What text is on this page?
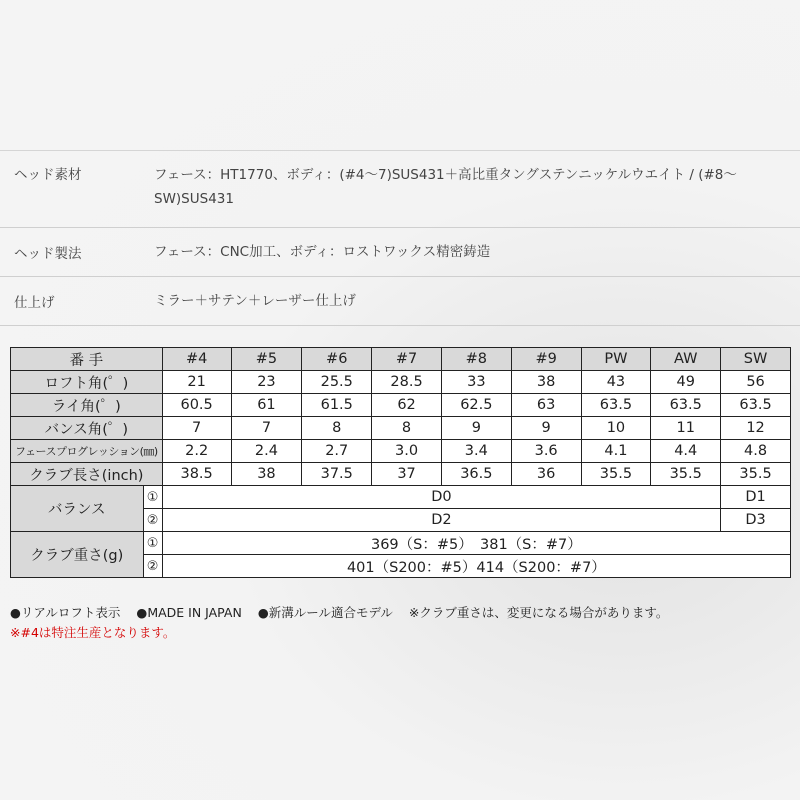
ヘッド素材	フェース：HT1770、ボディ：(#4～7)SUS431＋高比重タングステンニッケルウエイト / (#8～SW)SUS431
ヘッド製法	フェース：CNC加工、ボディ：ロストワックス精密鋳造
仕上げ	ミラー＋サテン＋レーザー仕上げ
番 手		#4	#5	#6	#7	#8	#9	PW	AW	SW
ロフト角(゜)		21	23	25.5	28.5	33	38	43	49	56
ライ角(゜)		60.5	61	61.5	62	62.5	63	63.5	63.5	63.5
バンス角(゜)		7	7	8	8	9	9	10	11	12
フェースプログレッション(㎜)		2.2	2.4	2.7	3.0	3.4	3.6	4.1	4.4	4.8
クラブ長さ(inch)		38.5	38	37.5	37	36.5	36	35.5	35.5	35.5
バランス	①	D0								D1
	②	D2								D3
クラブ重さ(g)	①	369（S：#5）　381（S：#7）								
	②	401（S200：#5）414（S200：#7）								
●リアルロフト表示 ●MADE IN JAPAN ●新溝ルール適合モデル ※クラブ重さは、変更になる場合があります。
※#4は特注生産となります。
